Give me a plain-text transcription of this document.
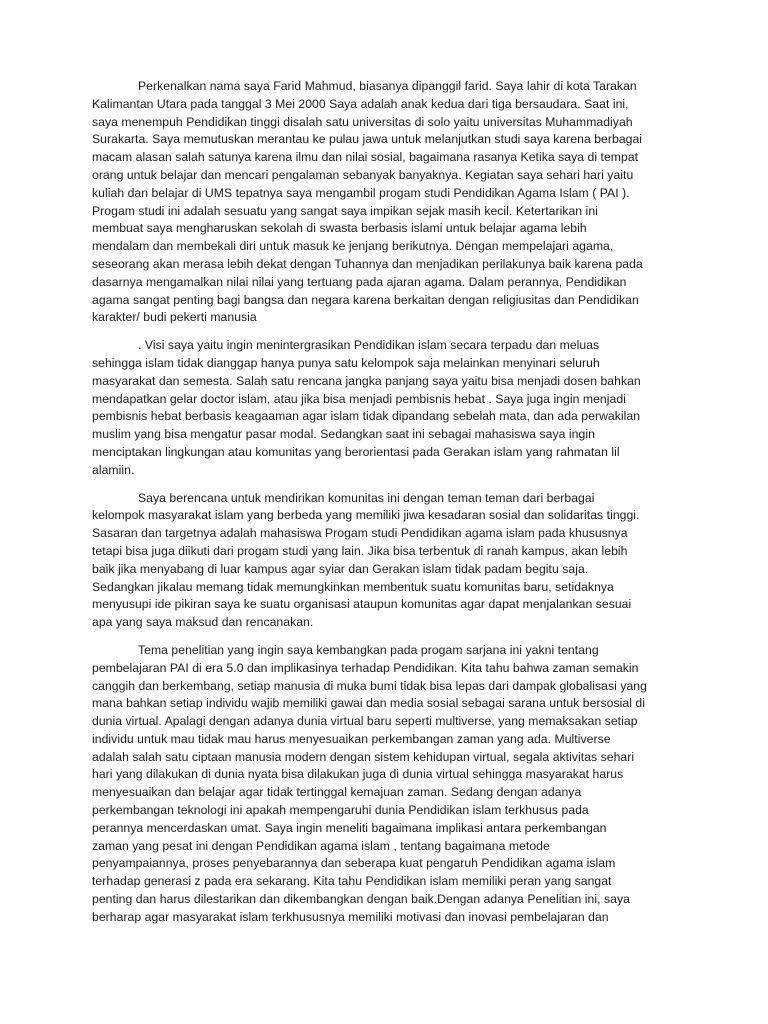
Perkenalkan nama saya Farid Mahmud, biasanya dipanggil farid. Saya lahir di kota Tarakan
Kalimantan Utara pada tanggal 3 Mei 2000 Saya adalah anak kedua dari tiga bersaudara. Saat ini,
saya menempuh Pendidikan tinggi disalah satu universitas di solo yaitu universitas Muhammadiyah
Surakarta. Saya memutuskan merantau ke pulau jawa untuk melanjutkan studi saya karena berbagai
macam alasan salah satunya karena ilmu dan nilai sosial, bagaimana rasanya Ketika saya di tempat
orang untuk belajar dan mencari pengalaman sebanyak banyaknya. Kegiatan saya sehari hari yaitu
kuliah dan belajar di UMS tepatnya saya mengambil progam studi Pendidikan Agama Islam ( PAI ).
Progam studi ini adalah sesuatu yang sangat saya impikan sejak masih kecil. Ketertarikan ini
membuat saya mengharuskan sekolah di swasta berbasis islami untuk belajar agama lebih
mendalam dan membekali diri untuk masuk ke jenjang berikutnya. Dengan mempelajari agama,
seseorang akan merasa lebih dekat dengan Tuhannya dan menjadikan perilakunya baik karena pada
dasarnya mengamalkan nilai nilai yang tertuang pada ajaran agama. Dalam perannya, Pendidikan
agama sangat penting bagi bangsa dan negara karena berkaitan dengan religiusitas dan Pendidikan
karakter/ budi pekerti manusia
. Visi saya yaitu ingin menintergrasikan Pendidikan islam secara terpadu dan meluas
sehingga islam tidak dianggap hanya punya satu kelompok saja melainkan menyinari seluruh
masyarakat dan semesta. Salah satu rencana jangka panjang saya yaitu bisa menjadi dosen bahkan
mendapatkan gelar doctor islam, atau jika bisa menjadi pembisnis hebat . Saya juga ingin menjadi
pembisnis hebat berbasis keagaaman agar islam tidak dipandang sebelah mata, dan ada perwakilan
muslim yang bisa mengatur pasar modal. Sedangkan saat ini sebagai mahasiswa saya ingin
menciptakan lingkungan atau komunitas yang berorientasi pada Gerakan islam yang rahmatan lil
alamiin.
Saya berencana untuk mendirikan komunitas ini dengan teman teman dari berbagai
kelompok masyarakat islam yang berbeda yang memiliki jiwa kesadaran sosial dan solidaritas tinggi.
Sasaran dan targetnya adalah mahasiswa Progam studi Pendidikan agama islam pada khususnya
tetapi bisa juga diikuti dari progam studi yang lain. Jika bisa terbentuk di ranah kampus, akan lebih
baik jika menyabang di luar kampus agar syiar dan Gerakan islam tidak padam begitu saja.
Sedangkan jikalau memang tidak memungkinkan membentuk suatu komunitas baru, setidaknya
menyusupi ide pikiran saya ke suatu organisasi ataupun komunitas agar dapat menjalankan sesuai
apa yang saya maksud dan rencanakan.
Tema penelitian yang ingin saya kembangkan pada progam sarjana ini yakni tentang
pembelajaran PAI di era 5.0 dan implikasinya terhadap Pendidikan. Kita tahu bahwa zaman semakin
canggih dan berkembang, setiap manusia di muka bumi tidak bisa lepas dari dampak globalisasi yang
mana bahkan setiap individu wajib memiliki gawai dan media sosial sebagai sarana untuk bersosial di
dunia virtual. Apalagi dengan adanya dunia virtual baru seperti multiverse, yang memaksakan setiap
individu untuk mau tidak mau harus menyesuaikan perkembangan zaman yang ada. Multiverse
adalah salah satu ciptaan manusia modern dengan sistem kehidupan virtual, segala aktivitas sehari
hari yang dilakukan di dunia nyata bisa dilakukan juga di dunia virtual sehingga masyarakat harus
menyesuaikan dan belajar agar tidak tertinggal kemajuan zaman. Sedang dengan adanya
perkembangan teknologi ini apakah mempengaruhi dunia Pendidikan islam terkhusus pada
perannya mencerdaskan umat. Saya ingin meneliti bagaimana implikasi antara perkembangan
zaman yang pesat ini dengan Pendidikan agama islam , tentang bagaimana metode
penyampaiannya, proses penyebarannya dan seberapa kuat pengaruh Pendidikan agama islam
terhadap generasi z pada era sekarang. Kita tahu Pendidikan islam memiliki peran yang sangat
penting dan harus dilestarikan dan dikembangkan dengan baik.Dengan adanya Penelitian ini, saya
berharap agar masyarakat islam terkhususnya memiliki motivasi dan inovasi pembelajaran dan
